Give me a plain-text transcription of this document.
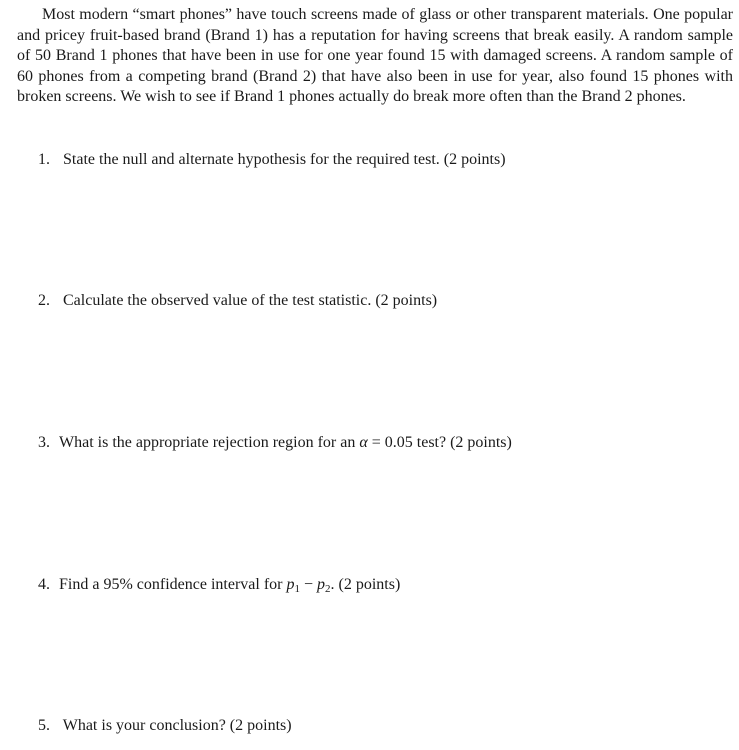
Most modern “smart phones” have touch screens made of glass or other transparent materials. One popular and pricey fruit-based brand (Brand 1) has a reputation for having screens that break easily. A random sample of 50 Brand 1 phones that have been in use for one year found 15 with damaged screens. A random sample of 60 phones from a competing brand (Brand 2) that have also been in use for year, also found 15 phones with broken screens. We wish to see if Brand 1 phones actually do break more often than the Brand 2 phones.

1. State the null and alternate hypothesis for the required test. (2 points)

2. Calculate the observed value of the test statistic. (2 points)

3. What is the appropriate rejection region for an α = 0.05 test? (2 points)

4. Find a 95% confidence interval for $p_1 - p_2$. (2 points)

5. What is your conclusion? (2 points)
